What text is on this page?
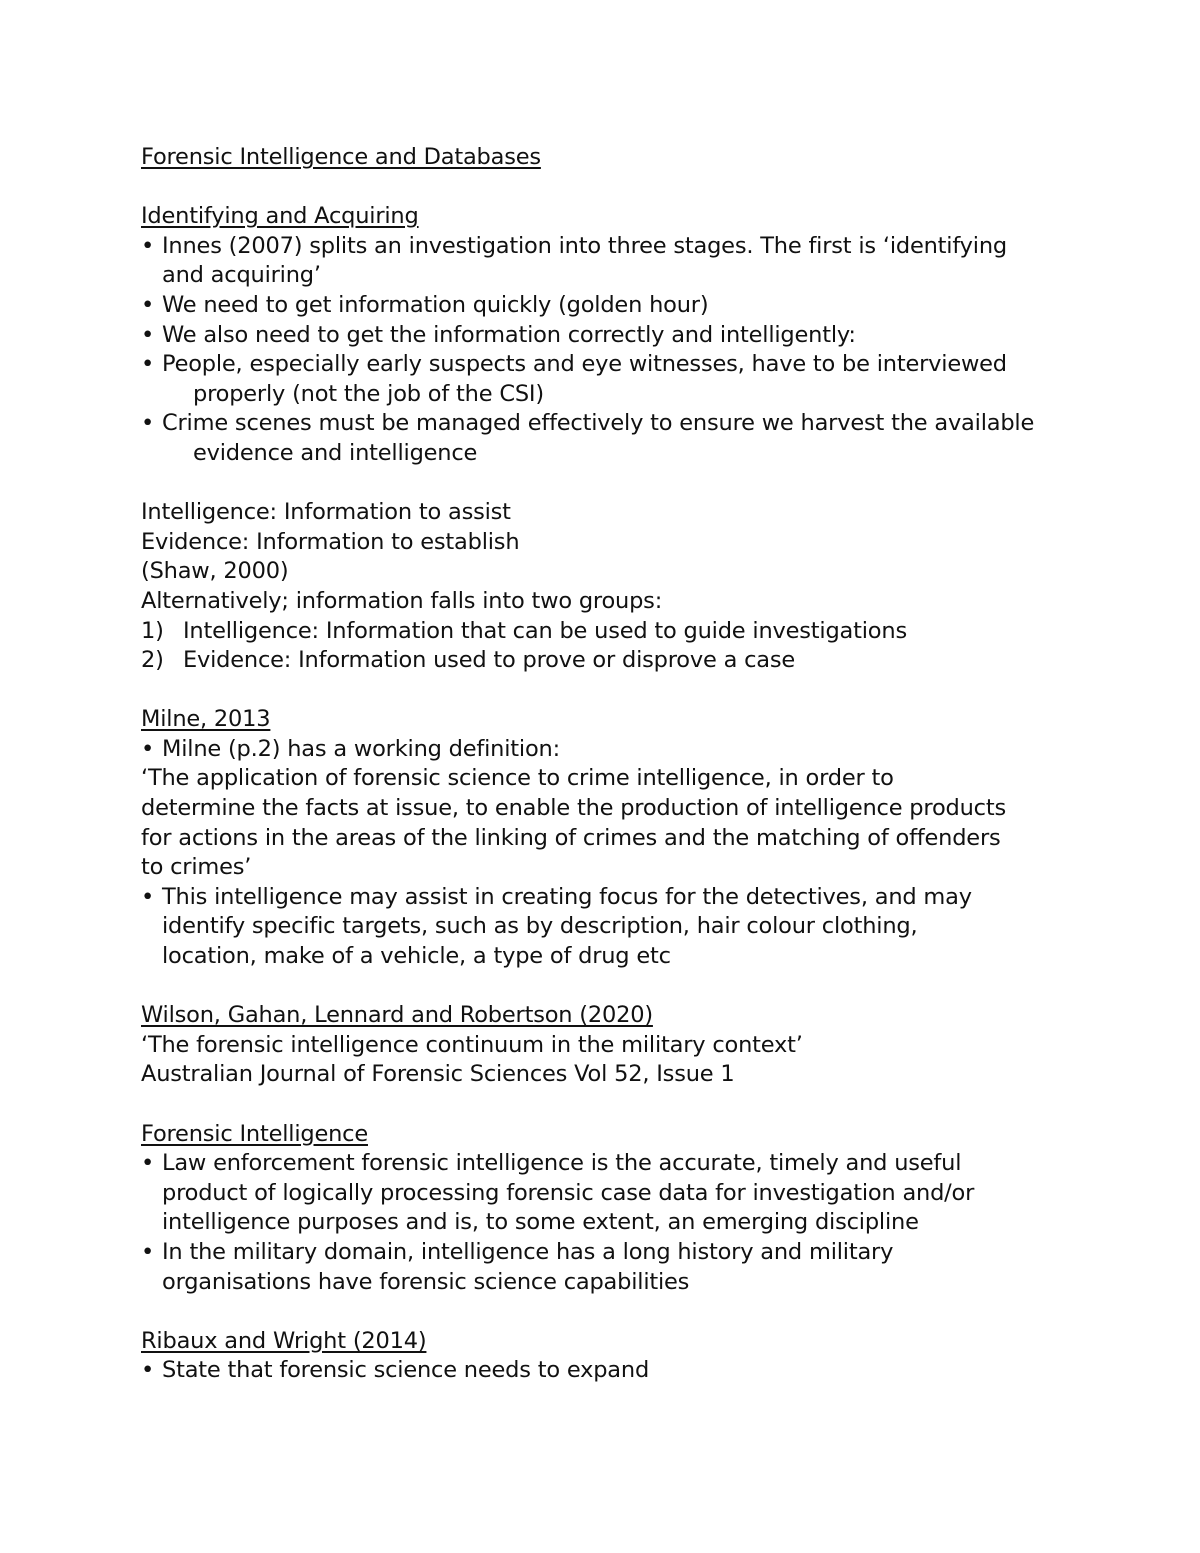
Forensic Intelligence and Databases
Identifying and Acquiring
• Innes (2007) splits an investigation into three stages. The first is ‘identifying
and acquiring’
• We need to get information quickly (golden hour)
• We also need to get the information correctly and intelligently:
• People, especially early suspects and eye witnesses, have to be interviewed
properly (not the job of the CSI)
• Crime scenes must be managed effectively to ensure we harvest the available
evidence and intelligence
Intelligence: Information to assist
Evidence: Information to establish
(Shaw, 2000)
Alternatively; information falls into two groups:
1) Intelligence: Information that can be used to guide investigations
2) Evidence: Information used to prove or disprove a case
Milne, 2013
• Milne (p.2) has a working definition:
‘The application of forensic science to crime intelligence, in order to
determine the facts at issue, to enable the production of intelligence products
for actions in the areas of the linking of crimes and the matching of offenders
to crimes’
• This intelligence may assist in creating focus for the detectives, and may
identify specific targets, such as by description, hair colour clothing,
location, make of a vehicle, a type of drug etc
Wilson, Gahan, Lennard and Robertson (2020)
‘The forensic intelligence continuum in the military context’
Australian Journal of Forensic Sciences Vol 52, Issue 1
Forensic Intelligence
• Law enforcement forensic intelligence is the accurate, timely and useful
product of logically processing forensic case data for investigation and/or
intelligence purposes and is, to some extent, an emerging discipline
• In the military domain, intelligence has a long history and military
organisations have forensic science capabilities
Ribaux and Wright (2014)
• State that forensic science needs to expand
